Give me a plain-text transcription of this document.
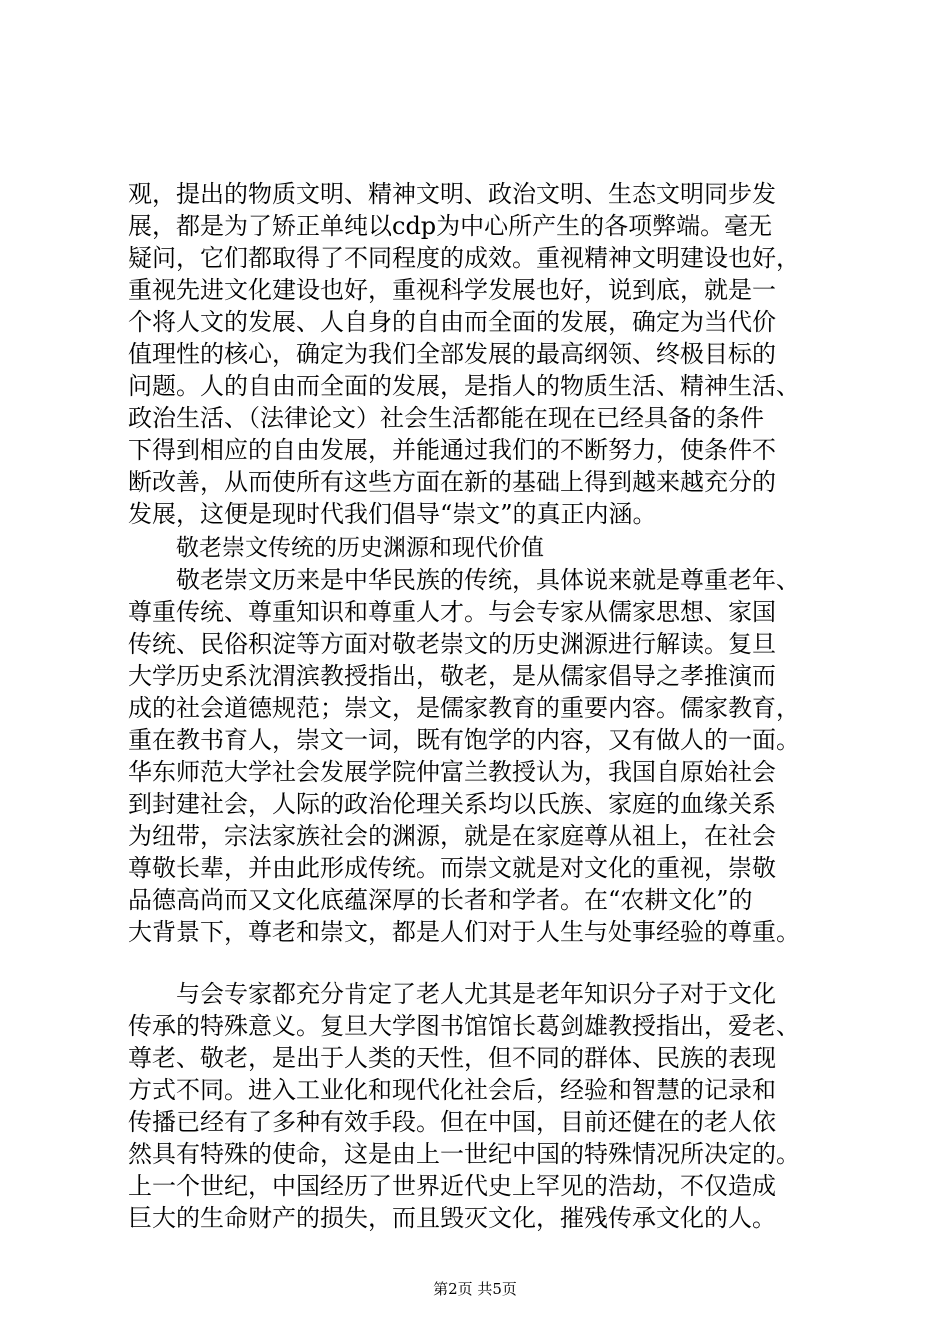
观，提出的物质文明、精神文明、政治文明、生态文明同步发
展，都是为了矫正单纯以cdp为中心所产生的各项弊端。毫无
疑问，它们都取得了不同程度的成效。重视精神文明建设也好，
重视先进文化建设也好，重视科学发展也好，说到底，就是一
个将人文的发展、人自身的自由而全面的发展，确定为当代价
值理性的核心，确定为我们全部发展的最高纲领、终极目标的
问题。人的自由而全面的发展，是指人的物质生活、精神生活、
政治生活、（法律论文）社会生活都能在现在已经具备的条件
下得到相应的自由发展，并能通过我们的不断努力，使条件不
断改善，从而使所有这些方面在新的基础上得到越来越充分的
发展，这便是现时代我们倡导“崇文”的真正内涵。
敬老崇文传统的历史渊源和现代价值
　　敬老崇文历来是中华民族的传统，具体说来就是尊重老年、
尊重传统、尊重知识和尊重人才。与会专家从儒家思想、家国
传统、民俗积淀等方面对敬老崇文的历史渊源进行解读。复旦
大学历史系沈渭滨教授指出，敬老，是从儒家倡导之孝推演而
成的社会道德规范；崇文，是儒家教育的重要内容。儒家教育，
重在教书育人，崇文一词，既有饱学的内容，又有做人的一面。
华东师范大学社会发展学院仲富兰教授认为，我国自原始社会
到封建社会，人际的政治伦理关系均以氏族、家庭的血缘关系
为纽带，宗法家族社会的渊源，就是在家庭尊从祖上，在社会
尊敬长辈，并由此形成传统。而崇文就是对文化的重视，崇敬
品德高尚而又文化底蕴深厚的长者和学者。在“农耕文化”的
大背景下，尊老和崇文，都是人们对于人生与处事经验的尊重。
　　与会专家都充分肯定了老人尤其是老年知识分子对于文化
传承的特殊意义。复旦大学图书馆馆长葛剑雄教授指出，爱老、
尊老、敬老，是出于人类的天性，但不同的群体、民族的表现
方式不同。进入工业化和现代化社会后，经验和智慧的记录和
传播已经有了多种有效手段。但在中国，目前还健在的老人依
然具有特殊的使命，这是由上一世纪中国的特殊情况所决定的。
上一个世纪，中国经历了世界近代史上罕见的浩劫，不仅造成
巨大的生命财产的损失，而且毁灭文化，摧残传承文化的人。
第2页 共5页
